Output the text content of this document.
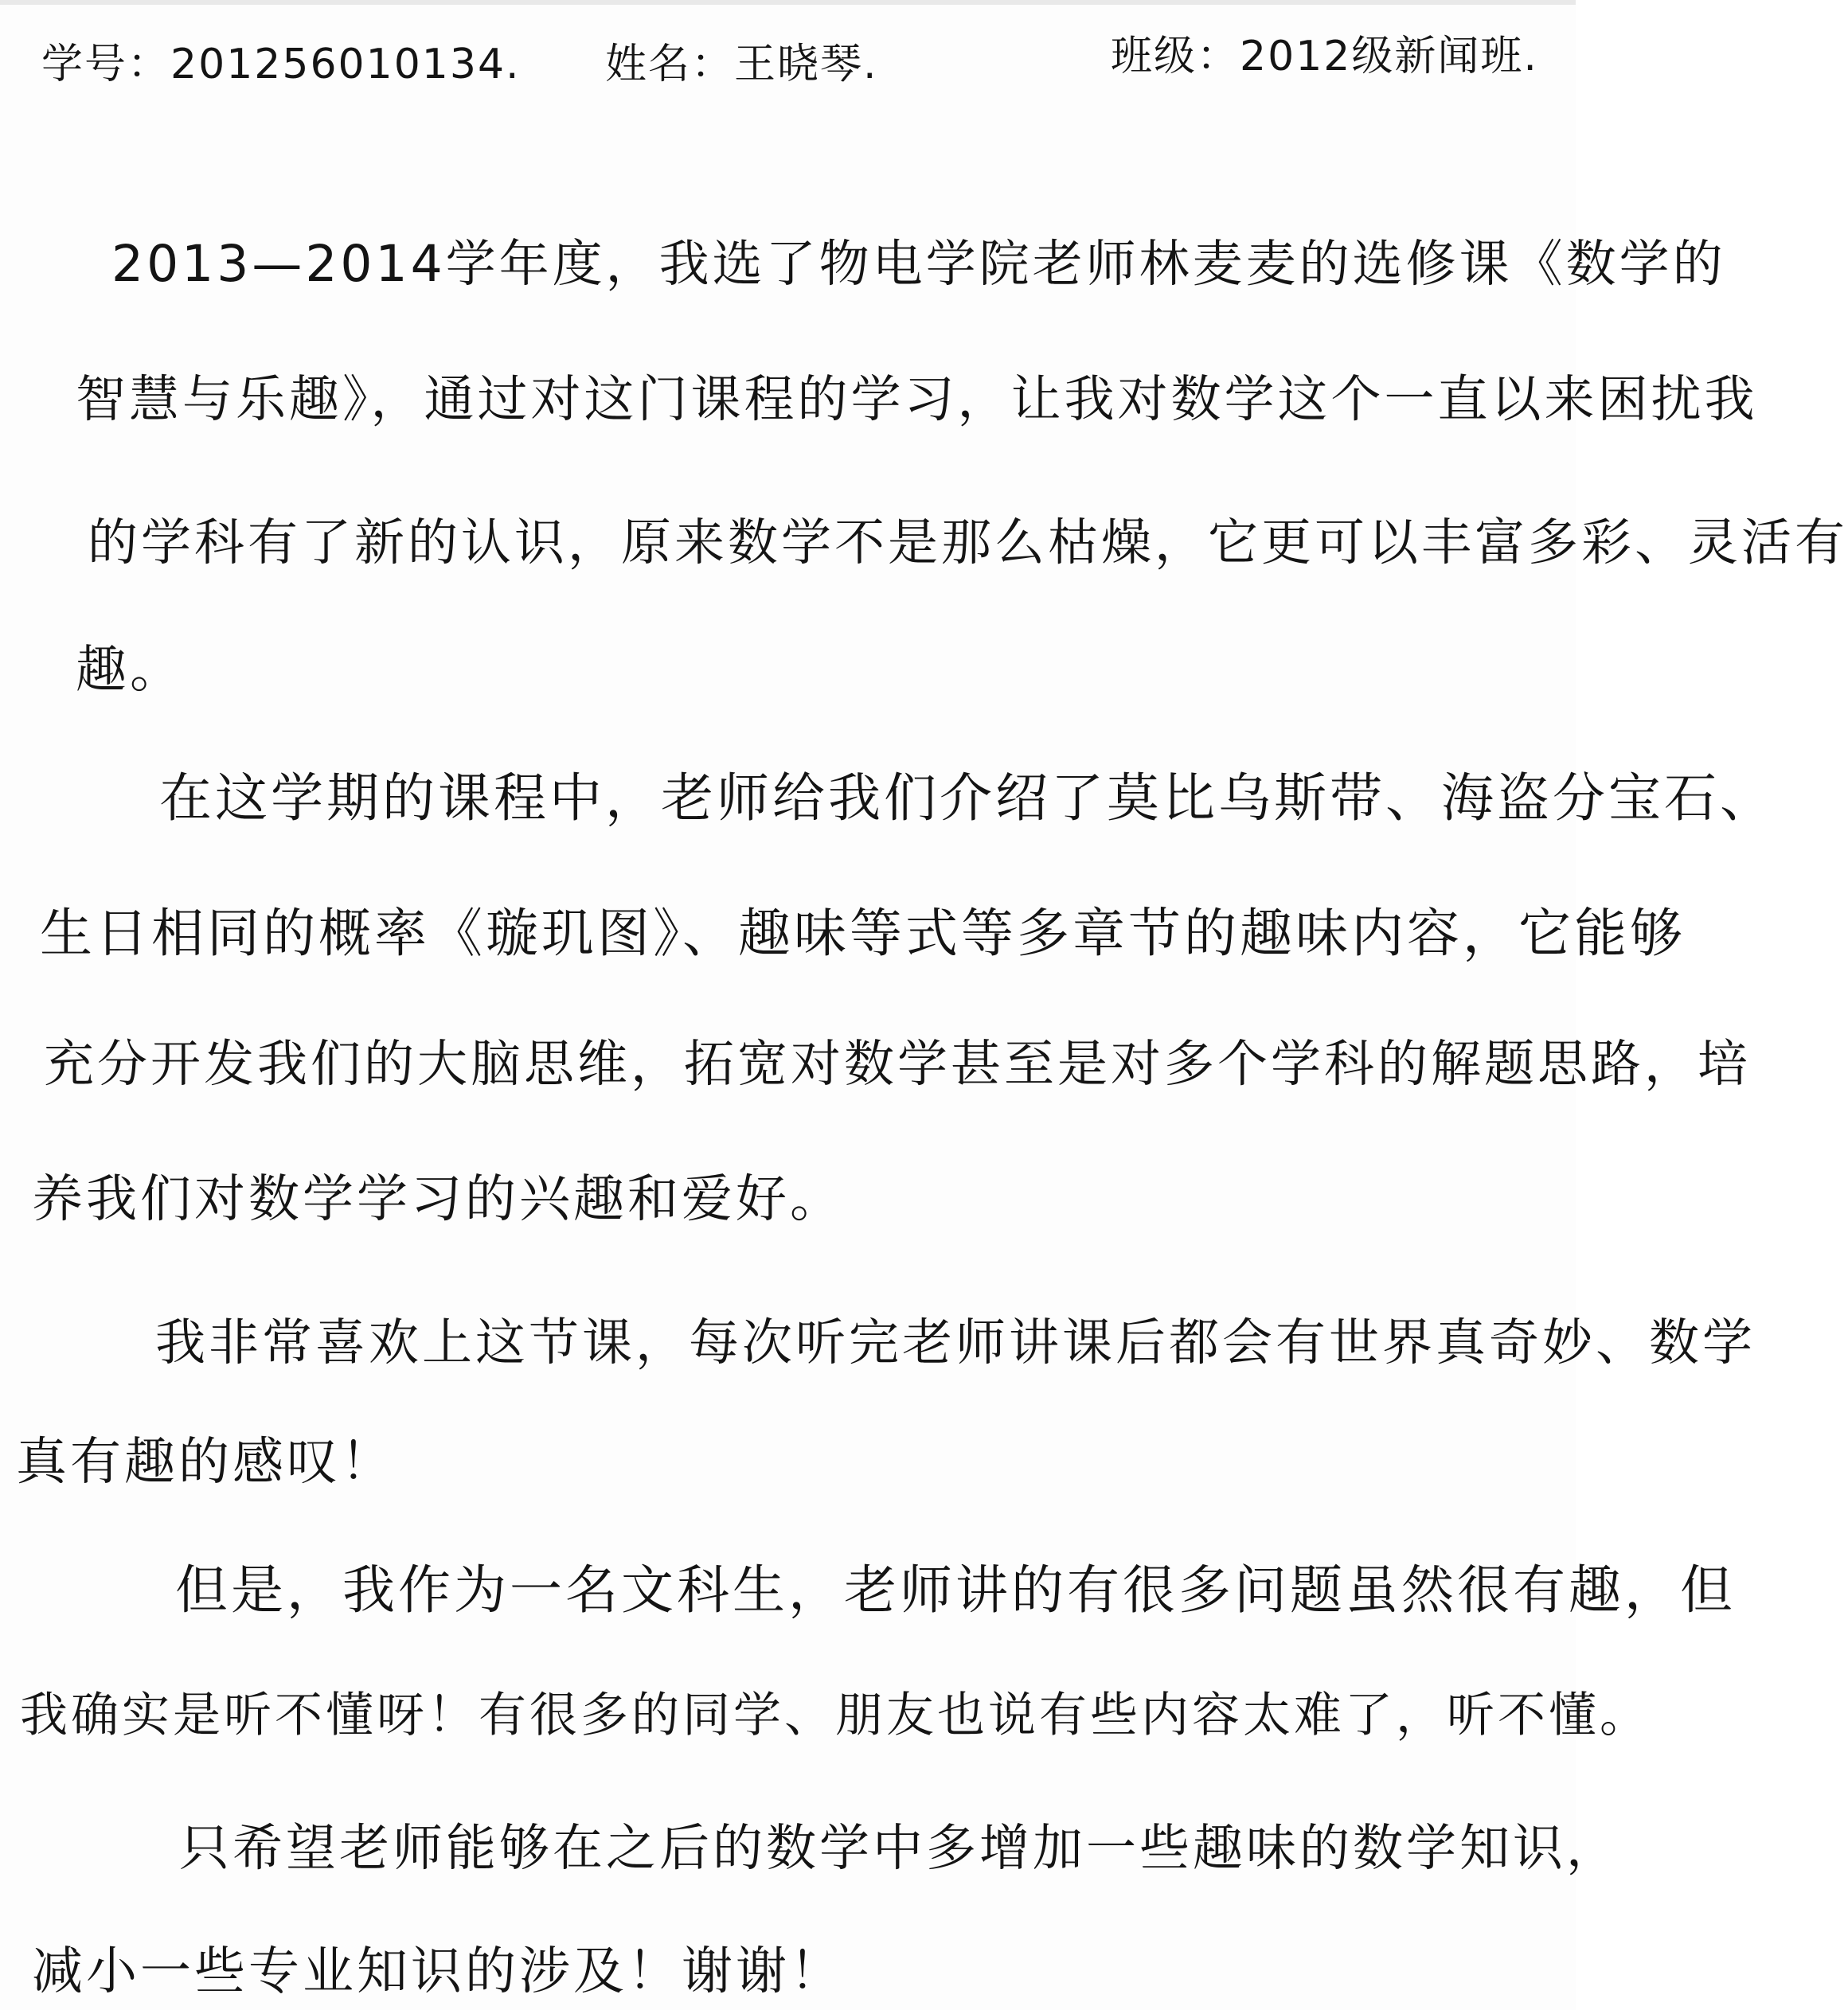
学号：201256010134. 姓名：王晓琴.	班级：2012级新闻班.
2013—2014学年度，我选了物电学院老师林麦麦的选修课《数学的
智慧与乐趣》，通过对这门课程的学习，让我对数学这个一直以来困扰我
的学科有了新的认识，原来数学不是那么枯燥，它更可以丰富多彩、灵活有
趣。
在这学期的课程中，老师给我们介绍了莫比乌斯带、海盗分宝石、
生日相同的概率《璇玑图》、趣味等式等多章节的趣味内容，它能够
充分开发我们的大脑思维，拓宽对数学甚至是对多个学科的解题思路，培
养我们对数学学习的兴趣和爱好。
我非常喜欢上这节课，每次听完老师讲课后都会有世界真奇妙、数学
真有趣的感叹！
但是，我作为一名文科生，老师讲的有很多问题虽然很有趣，但
我确实是听不懂呀！有很多的同学、朋友也说有些内容太难了，听不懂。
只希望老师能够在之后的数学中多增加一些趣味的数学知识，
减小一些专业知识的涉及！谢谢！
